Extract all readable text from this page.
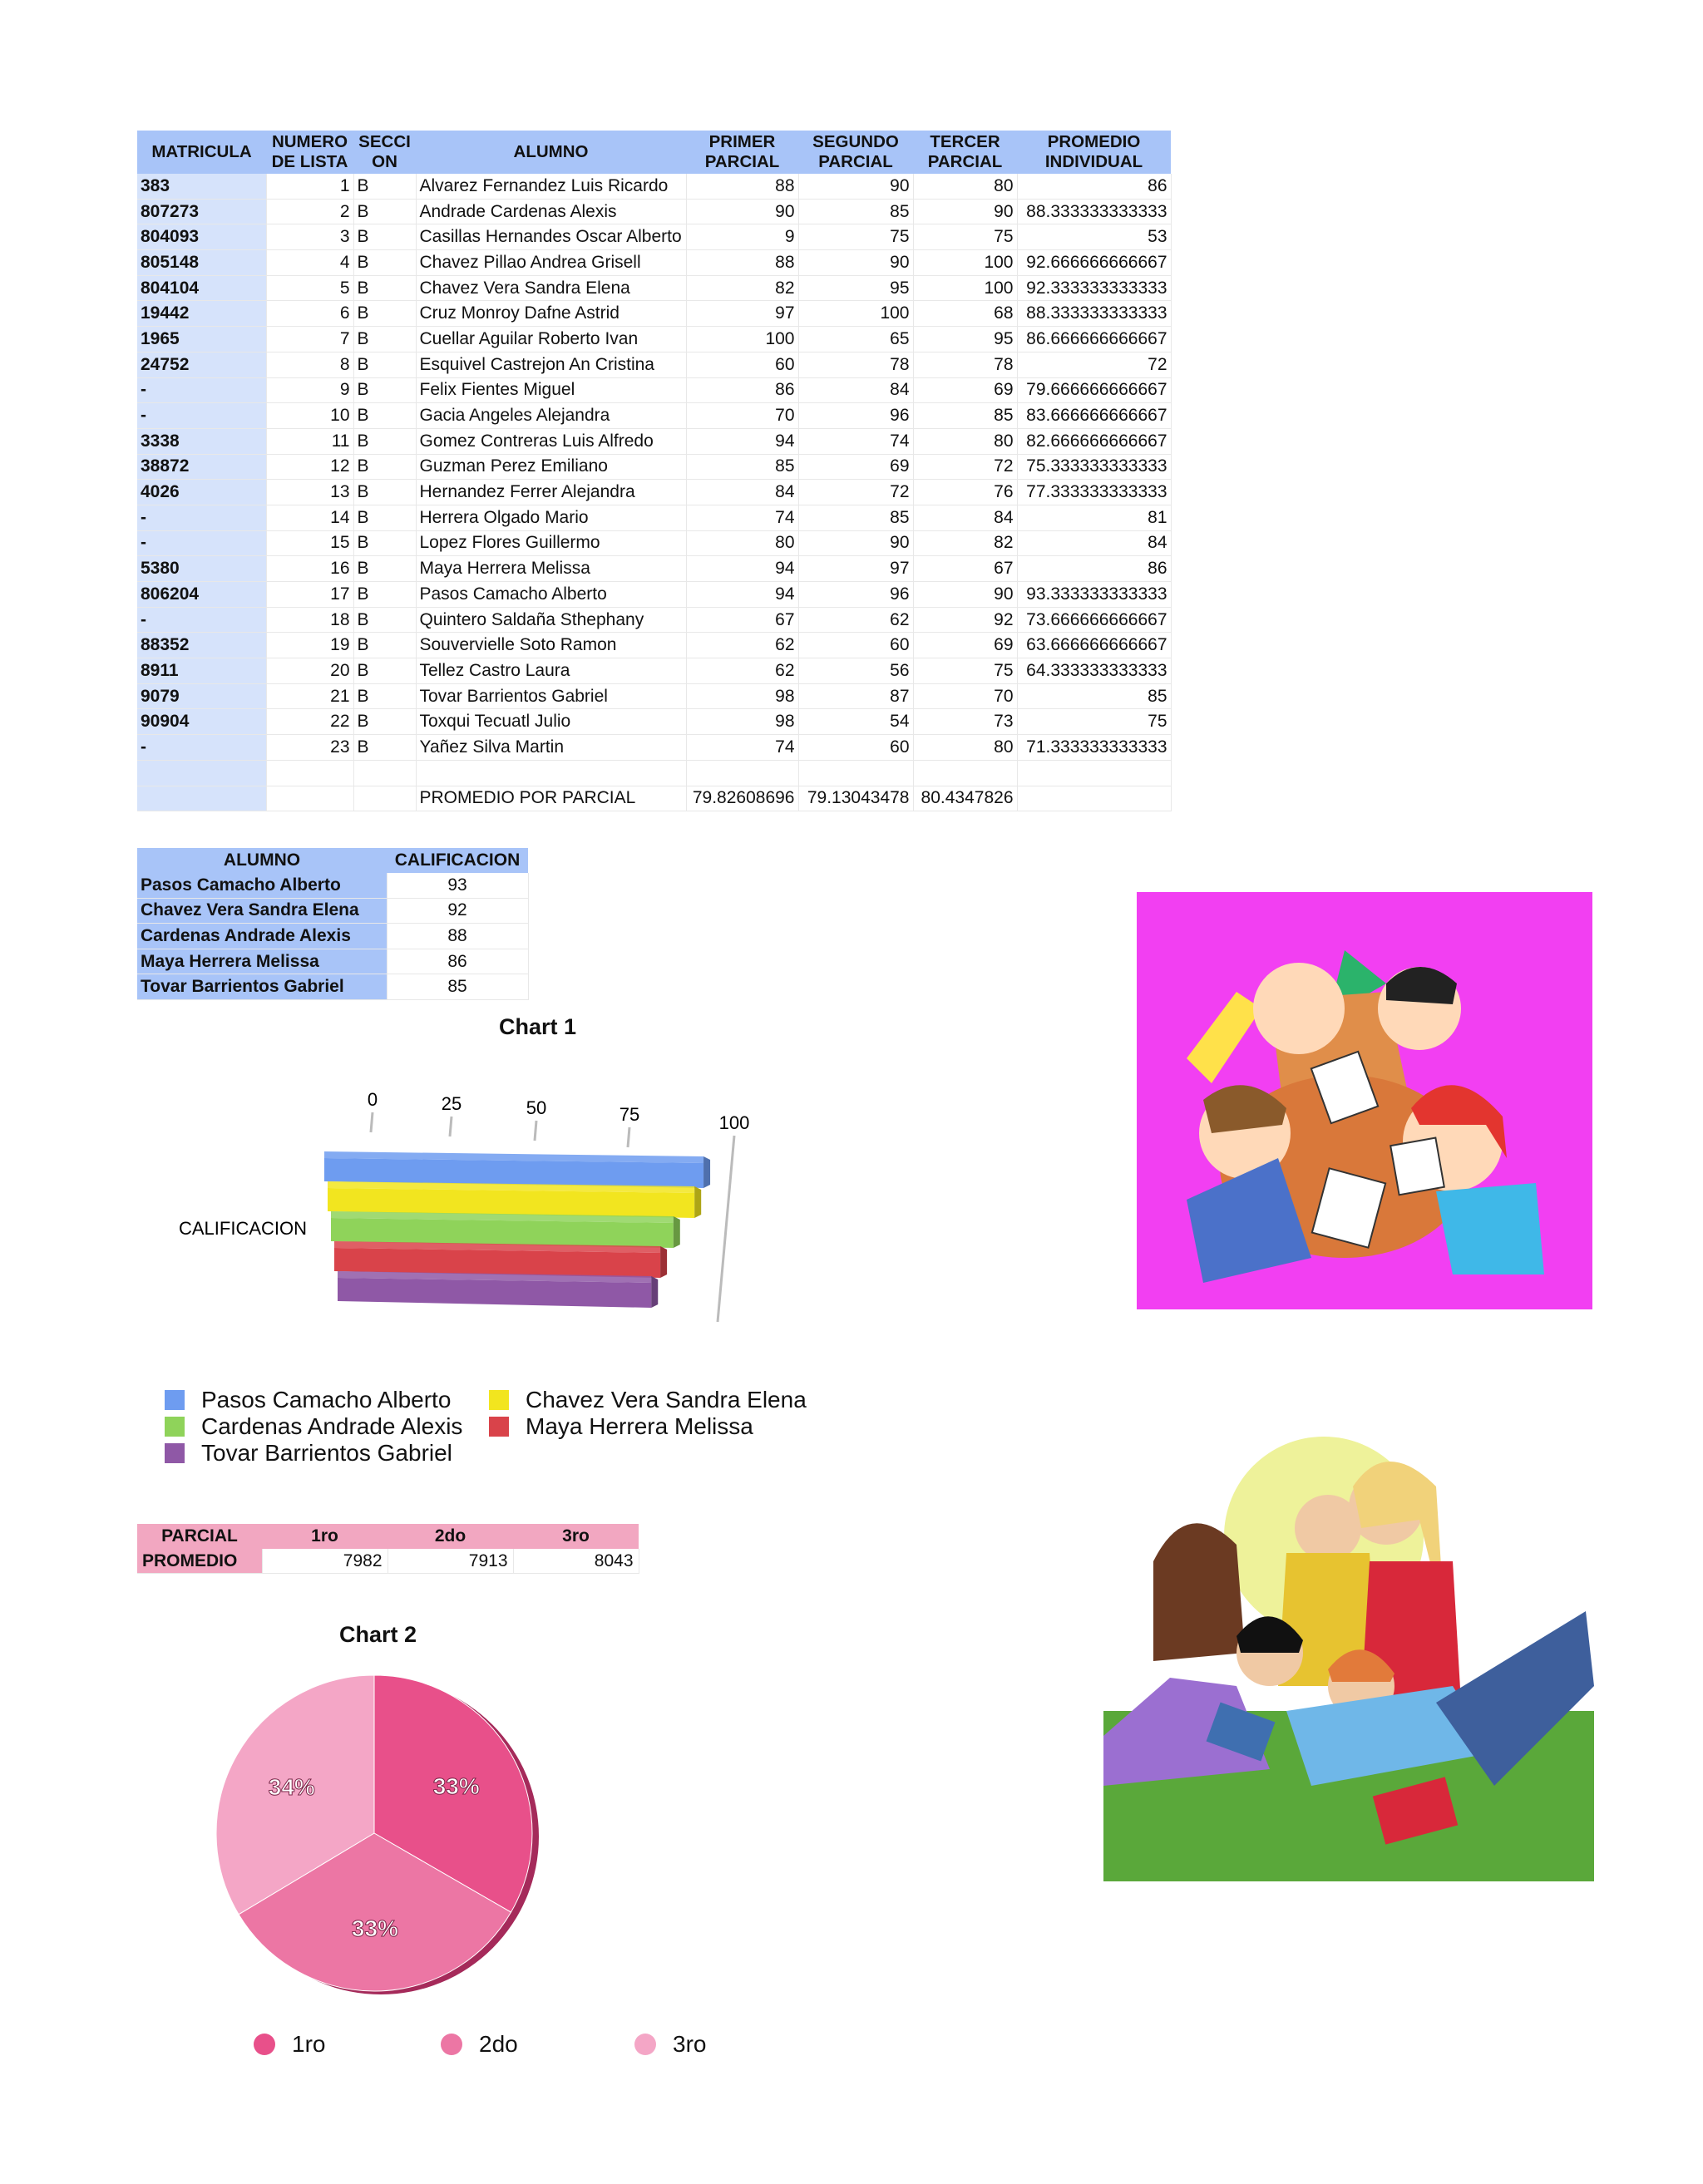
MATRICULA	NUMERO DE LISTA	SECCI ON	ALUMNO	PRIMER PARCIAL	SEGUNDO PARCIAL	TERCER PARCIAL	PROMEDIO INDIVIDUAL
383	1	B	Alvarez Fernandez Luis Ricardo	88	90	80	86
807273	2	B	Andrade Cardenas Alexis	90	85	90	88.333333333333
804093	3	B	Casillas Hernandes Oscar Alberto	9	75	75	53
805148	4	B	Chavez Pillao Andrea Grisell	88	90	100	92.666666666667
804104	5	B	Chavez Vera Sandra Elena	82	95	100	92.333333333333
19442	6	B	Cruz Monroy Dafne Astrid	97	100	68	88.333333333333
1965	7	B	Cuellar Aguilar Roberto Ivan	100	65	95	86.666666666667
24752	8	B	Esquivel Castrejon An Cristina	60	78	78	72
-	9	B	Felix Fientes Miguel	86	84	69	79.666666666667
-	10	B	Gacia Angeles Alejandra	70	96	85	83.666666666667
3338	11	B	Gomez Contreras Luis Alfredo	94	74	80	82.666666666667
38872	12	B	Guzman Perez Emiliano	85	69	72	75.333333333333
4026	13	B	Hernandez Ferrer Alejandra	84	72	76	77.333333333333
-	14	B	Herrera Olgado Mario	74	85	84	81
-	15	B	Lopez Flores Guillermo	80	90	82	84
5380	16	B	Maya Herrera Melissa	94	97	67	86
806204	17	B	Pasos Camacho Alberto	94	96	90	93.333333333333
-	18	B	Quintero Saldaña Sthephany	67	62	92	73.666666666667
88352	19	B	Souvervielle Soto Ramon	62	60	69	63.666666666667
8911	20	B	Tellez Castro Laura	62	56	75	64.333333333333
9079	21	B	Tovar Barrientos Gabriel	98	87	70	85
90904	22	B	Toxqui Tecuatl Julio	98	54	73	75
-	23	B	Yañez Silva Martin	74	60	80	71.333333333333

			PROMEDIO POR PARCIAL	79.82608696	79.13043478	80.4347826	
ALUMNO	CALIFICACION
Pasos Camacho Alberto	93
Chavez Vera Sandra Elena	92
Cardenas Andrade Alexis	88
Maya Herrera Melissa	86
Tovar Barrientos Gabriel	85
Chart 1
0	25	50	75	100
CALIFICACION
Pasos Camacho Alberto	Chavez Vera Sandra Elena
Cardenas Andrade Alexis	Maya Herrera Melissa
Tovar Barrientos Gabriel
PARCIAL	1ro	2do	3ro
PROMEDIO	7982	7913	8043
Chart 2
33%
33%
34%
1ro	2do	3ro
